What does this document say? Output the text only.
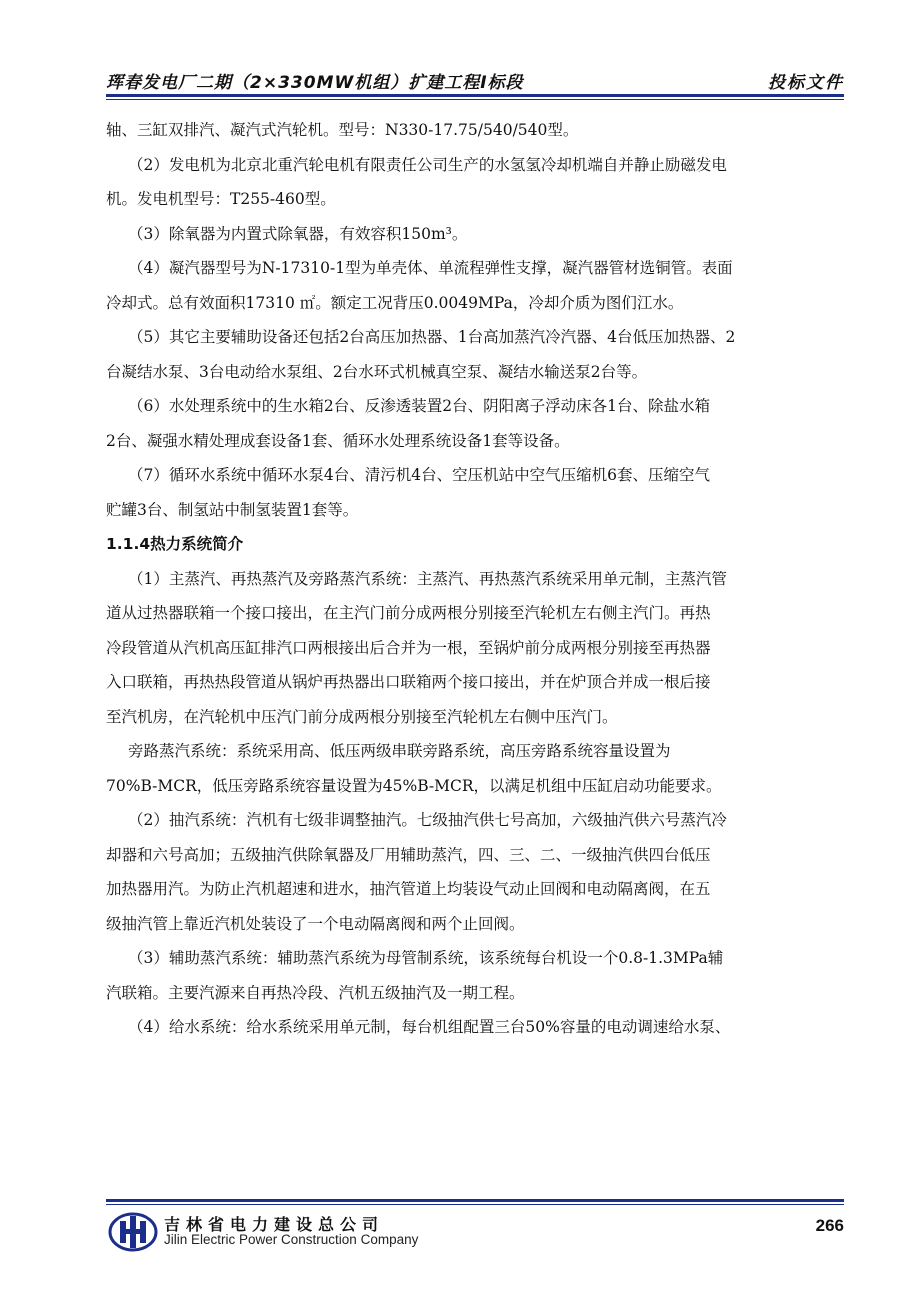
珲春发电厂二期（2×330MW机组）扩建工程Ⅰ标段	投标文件

轴、三缸双排汽、凝汽式汽轮机。型号：N330-17.75/540/540型。

（2）发电机为北京北重汽轮电机有限责任公司生产的水氢氢冷却机端自并静止励磁发电

机。发电机型号：T255-460型。

（3）除氧器为内置式除氧器，有效容积150m³。

（4）凝汽器型号为N-17310-1型为单壳体、单流程弹性支撑，凝汽器管材选铜管。表面

冷却式。总有效面积17310 ㎡。额定工况背压0.0049MPa，冷却介质为图们江水。

（5）其它主要辅助设备还包括2台高压加热器、1台高加蒸汽冷汽器、4台低压加热器、2

台凝结水泵、3台电动给水泵组、2台水环式机械真空泵、凝结水输送泵2台等。

（6）水处理系统中的生水箱2台、反渗透装置2台、阴阳离子浮动床各1台、除盐水箱

2台、凝强水精处理成套设备1套、循环水处理系统设备1套等设备。

（7）循环水系统中循环水泵4台、清污机4台、空压机站中空气压缩机6套、压缩空气

贮罐3台、制氢站中制氢装置1套等。

1.1.4热力系统简介

（1）主蒸汽、再热蒸汽及旁路蒸汽系统：主蒸汽、再热蒸汽系统采用单元制，主蒸汽管

道从过热器联箱一个接口接出，在主汽门前分成两根分别接至汽轮机左右侧主汽门。再热

冷段管道从汽机高压缸排汽口两根接出后合并为一根，至锅炉前分成两根分别接至再热器

入口联箱，再热热段管道从锅炉再热器出口联箱两个接口接出，并在炉顶合并成一根后接

至汽机房，在汽轮机中压汽门前分成两根分别接至汽轮机左右侧中压汽门。

旁路蒸汽系统：系统采用高、低压两级串联旁路系统，高压旁路系统容量设置为

70%B-MCR，低压旁路系统容量设置为45%B-MCR，以满足机组中压缸启动功能要求。

（2）抽汽系统：汽机有七级非调整抽汽。七级抽汽供七号高加，六级抽汽供六号蒸汽冷

却器和六号高加；五级抽汽供除氧器及厂用辅助蒸汽，四、三、二、一级抽汽供四台低压

加热器用汽。为防止汽机超速和进水，抽汽管道上均装设气动止回阀和电动隔离阀，在五

级抽汽管上靠近汽机处装设了一个电动隔离阀和两个止回阀。

（3）辅助蒸汽系统：辅助蒸汽系统为母管制系统，该系统每台机设一个0.8-1.3MPa辅

汽联箱。主要汽源来自再热冷段、汽机五级抽汽及一期工程。

（4）给水系统：给水系统采用单元制，每台机组配置三台50%容量的电动调速给水泵、

吉林省电力建设总公司
Jilin Electric Power Construction Company
266
